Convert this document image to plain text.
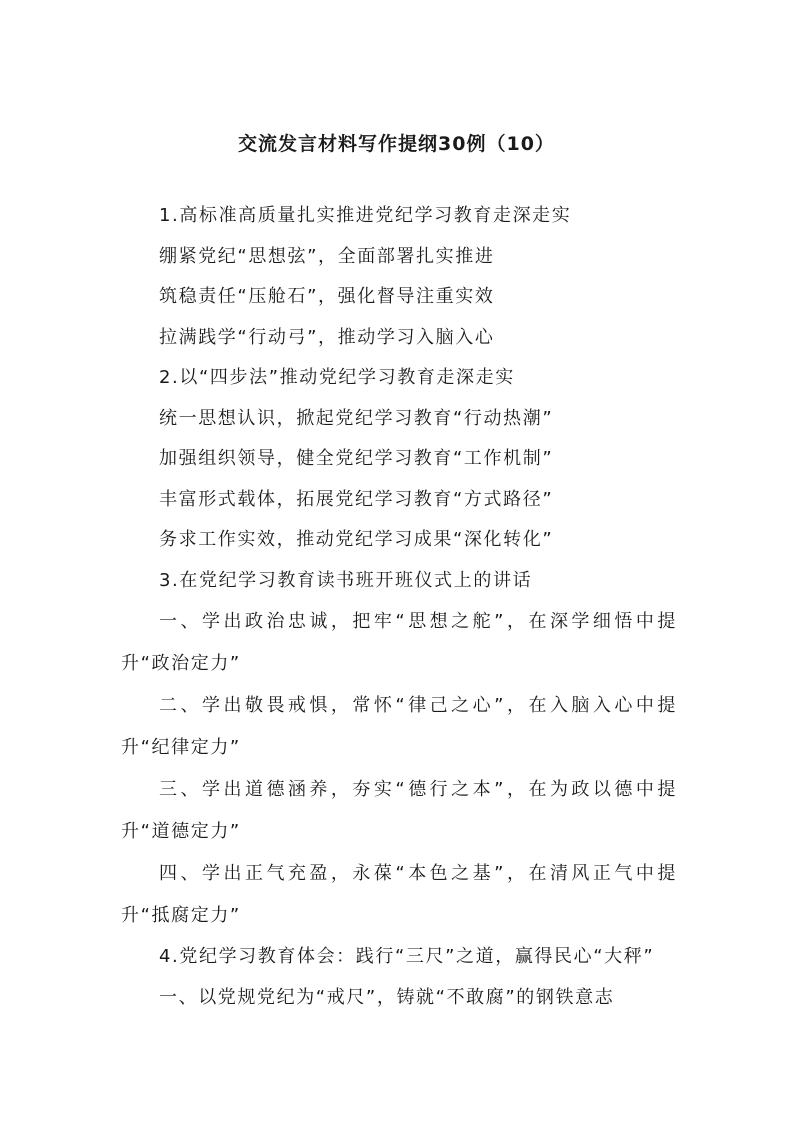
交流发言材料写作提纲30例（10）
1.高标准高质量扎实推进党纪学习教育走深走实
绷紧党纪“思想弦”，全面部署扎实推进
筑稳责任“压舱石”，强化督导注重实效
拉满践学“行动弓”，推动学习入脑入心
2.以“四步法”推动党纪学习教育走深走实
统一思想认识，掀起党纪学习教育“行动热潮”
加强组织领导，健全党纪学习教育“工作机制”
丰富形式载体，拓展党纪学习教育“方式路径”
务求工作实效，推动党纪学习成果“深化转化”
3.在党纪学习教育读书班开班仪式上的讲话

一、学出政治忠诚，把牢“思想之舵”，在深学细悟中提升“政治定力”

二、学出敬畏戒惧，常怀“律己之心”，在入脑入心中提升“纪律定力”

三、学出道德涵养，夯实“德行之本”，在为政以德中提升“道德定力”

四、学出正气充盈，永葆“本色之基”，在清风正气中提升“抵腐定力”

4.党纪学习教育体会：践行“三尺”之道，赢得民心“大秤”
一、以党规党纪为“戒尺”，铸就“不敢腐”的钢铁意志
